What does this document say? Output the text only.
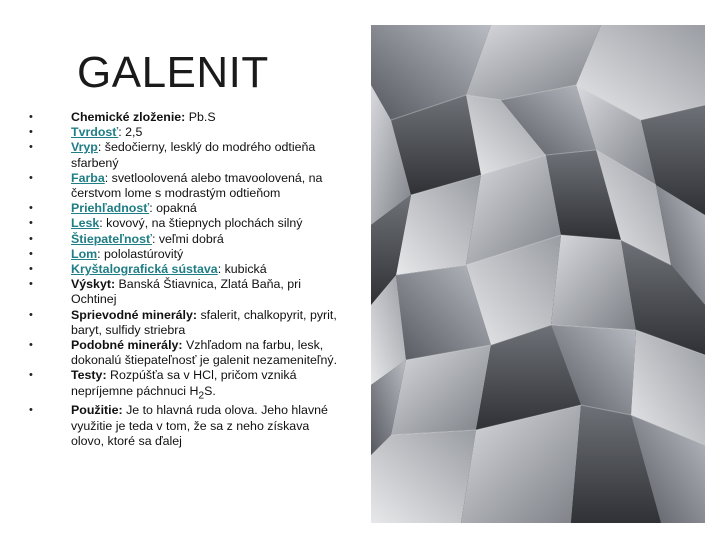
GALENIT
• Chemické zloženie: Pb.S
• Tvrdosť: 2,5
• Vryp: šedočierny, lesklý do modrého odtieňa sfarbený
• Farba: svetloolovená alebo tmavoolovená, na čerstvom lome s modrastým odtieňom
• Priehľadnosť: opakná
• Lesk: kovový, na štiepnych plochách silný
• Štiepateľnosť: veľmi dobrá
• Lom: pololastúrovitý
• Kryštalografická sústava: kubická
• Výskyt: Banská Štiavnica, Zlatá Baňa, pri Ochtinej
• Sprievodné minerály: sfalerit, chalkopyrit, pyrit, baryt, sulfidy striebra
• Podobné minerály: Vzhľadom na farbu, lesk, dokonalú štiepateľnosť je galenit nezameniteľný.
• Testy: Rozpúšťa sa v HCl, pričom vzniká nepríjemne páchnuci $H_2S$.
• Použitie: Je to hlavná ruda olova. Jeho hlavné využitie je teda v tom, že sa z neho získava olovo, ktoré sa ďalej
